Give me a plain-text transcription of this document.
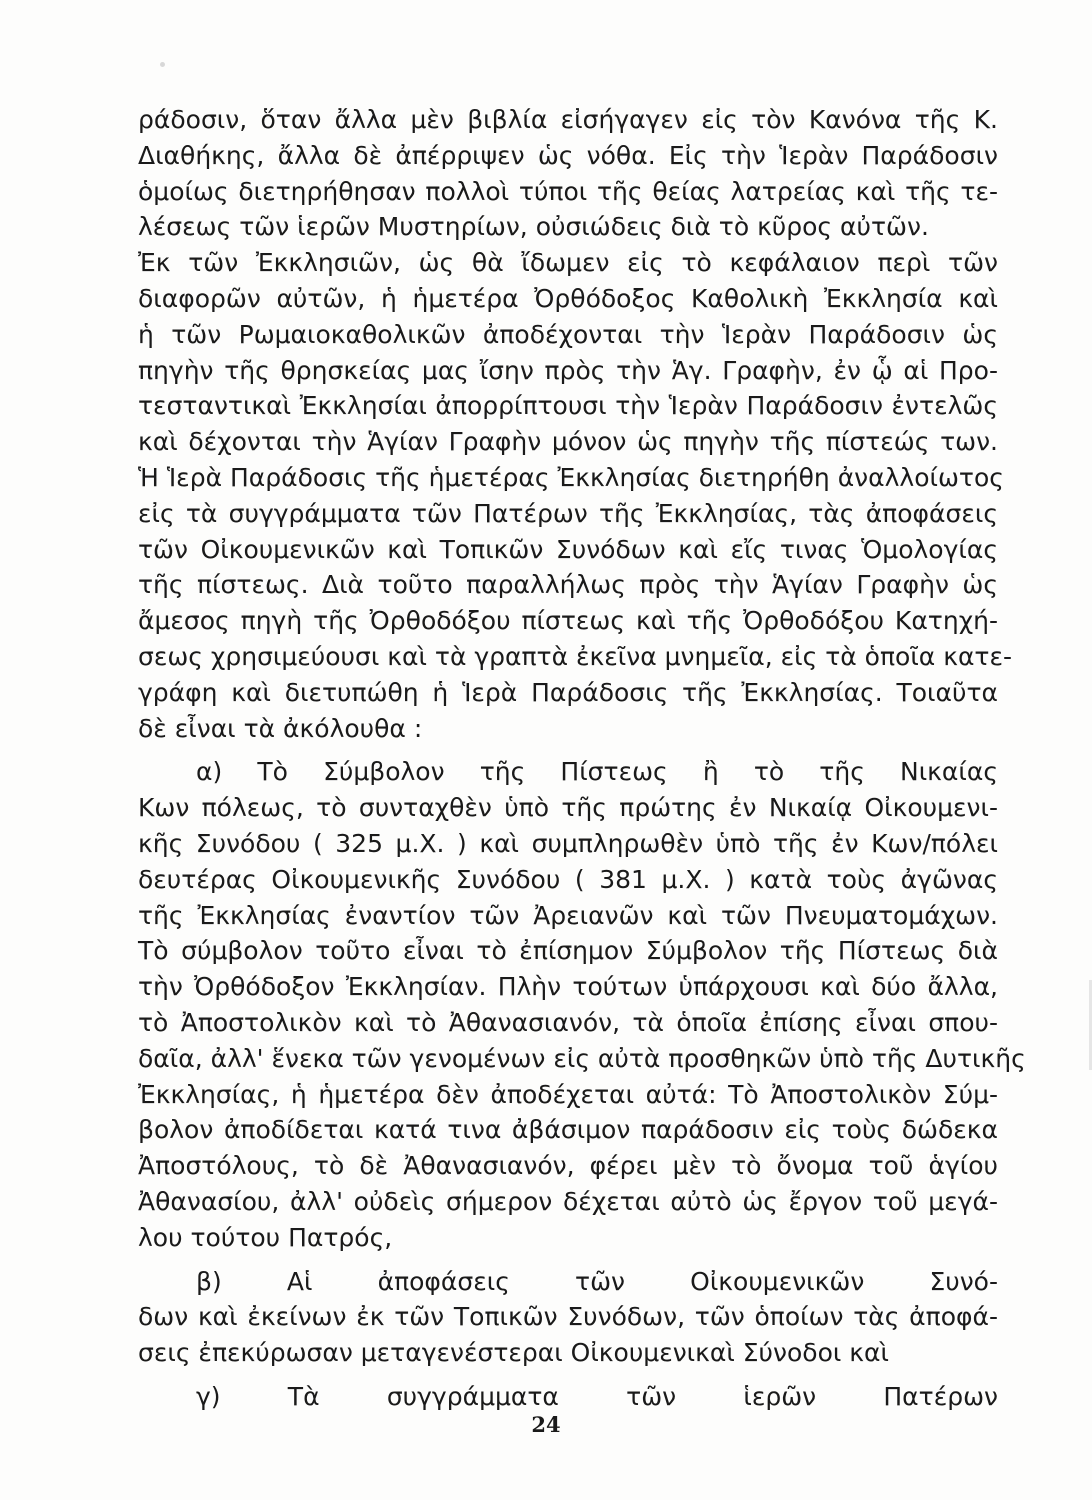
ράδοσιν, ὅταν ἄλλα μὲν βιβλία εἰσήγαγεν εἰς τὸν Κανόνα τῆς Κ.
Διαθήκης, ἄλλα δὲ ἀπέρριψεν ὡς νόθα. Εἰς τὴν Ἱερὰν Παράδοσιν
ὁμοίως διετηρήθησαν πολλοὶ τύποι τῆς θείας λατρείας καὶ τῆς τε-
λέσεως τῶν ἱερῶν Μυστηρίων, οὐσιώδεις διὰ τὸ κῦρος αὐτῶν.
Ἐκ τῶν Ἐκκλησιῶν, ὡς θὰ ἴδωμεν εἰς τὸ κεφάλαιον περὶ τῶν
διαφορῶν αὐτῶν, ἡ ἡμετέρα Ὀρθόδοξος Καθολικὴ Ἐκκλησία καὶ
ἡ τῶν Ρωμαιοκαθολικῶν ἀποδέχονται τὴν Ἱερὰν Παράδοσιν ὡς
πηγὴν τῆς θρησκείας μας ἴσην πρὸς τὴν Ἁγ. Γραφὴν, ἐν ᾧ αἱ Προ-
τεσταντικαὶ Ἐκκλησίαι ἀπορρίπτουσι τὴν Ἱερὰν Παράδοσιν ἐντελῶς
καὶ δέχονται τὴν Ἁγίαν Γραφὴν μόνον ὡς πηγὴν τῆς πίστεώς των.
Ἡ Ἱερὰ Παράδοσις τῆς ἡμετέρας Ἐκκλησίας διετηρήθη ἀναλλοίωτος
εἰς τὰ συγγράμματα τῶν Πατέρων τῆς Ἐκκλησίας, τὰς ἀποφάσεις
τῶν Οἰκουμενικῶν καὶ Τοπικῶν Συνόδων καὶ εἴς τινας Ὁμολογίας
τῆς πίστεως. Διὰ τοῦτο παραλλήλως πρὸς τὴν Ἁγίαν Γραφὴν ὡς
ἄμεσος πηγὴ τῆς Ὀρθοδόξου πίστεως καὶ τῆς Ὀρθοδόξου Κατηχή-
σεως χρησιμεύουσι καὶ τὰ γραπτὰ ἐκεῖνα μνημεῖα, εἰς τὰ ὁποῖα κατε-
γράφη καὶ διετυπώθη ἡ Ἱερὰ Παράδοσις τῆς Ἐκκλησίας. Τοιαῦτα
δὲ εἶναι τὰ ἀκόλουθα :
α) Τὸ Σύμβολον τῆς Πίστεως ἢ τὸ τῆς Νικαίας
Κων πόλεως, τὸ συνταχθὲν ὑπὸ τῆς πρώτης ἐν Νικαίᾳ Οἰκουμενι-
κῆς Συνόδου ( 325 μ.Χ. ) καὶ συμπληρωθὲν ὑπὸ τῆς ἐν Κων/πόλει
δευτέρας Οἰκουμενικῆς Συνόδου ( 381 μ.Χ. ) κατὰ τοὺς ἀγῶνας
τῆς Ἐκκλησίας ἐναντίον τῶν Ἀρειανῶν καὶ τῶν Πνευματομάχων.
Τὸ σύμβολον τοῦτο εἶναι τὸ ἐπίσημον Σύμβολον τῆς Πίστεως διὰ
τὴν Ὀρθόδοξον Ἐκκλησίαν. Πλὴν τούτων ὑπάρχουσι καὶ δύο ἄλλα,
τὸ Ἀποστολικὸν καὶ τὸ Ἀθανασιανόν, τὰ ὁποῖα ἐπίσης εἶναι σπου-
δαῖα, ἀλλ' ἕνεκα τῶν γενομένων εἰς αὐτὰ προσθηκῶν ὑπὸ τῆς Δυτικῆς
Ἐκκλησίας, ἡ ἡμετέρα δὲν ἀποδέχεται αὐτά: Τὸ Ἀποστολικὸν Σύμ-
βολον ἀποδίδεται κατά τινα ἀβάσιμον παράδοσιν εἰς τοὺς δώδεκα
Ἀποστόλους, τὸ δὲ Ἀθανασιανόν, φέρει μὲν τὸ ὄνομα τοῦ ἁγίου
Ἀθανασίου, ἀλλ' οὐδεὶς σήμερον δέχεται αὐτὸ ὡς ἔργον τοῦ μεγά-
λου τούτου Πατρός,
β) Αἱ ἀποφάσεις τῶν Οἰκουμενικῶν Συνό-
δων καὶ ἐκείνων ἐκ τῶν Τοπικῶν Συνόδων, τῶν ὁποίων τὰς ἀποφά-
σεις ἐπεκύρωσαν μεταγενέστεραι Οἰκουμενικαὶ Σύνοδοι καὶ
γ) Τὰ συγγράμματα τῶν ἱερῶν Πατέρων
24
